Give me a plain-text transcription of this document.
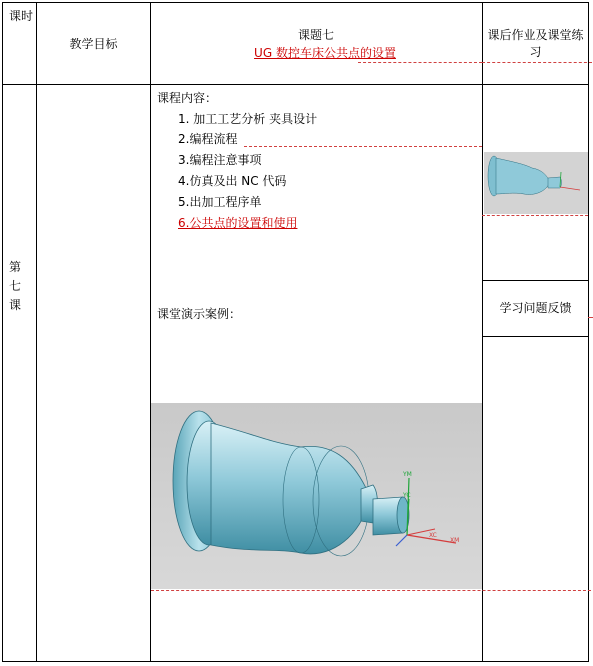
课时
教学目标
课题七
UG 数控车床公共点的设置
课后作业及课堂练习
第七课
课程内容：
1. 加工工艺分析 夹具设计
2.编程流程
3.编程注意事项
4.仿真及出 NC 代码
5.出加工程序单
6.公共点的设置和使用
课堂演示案例：
YM
YC
XC
XM
学习问题反馈
